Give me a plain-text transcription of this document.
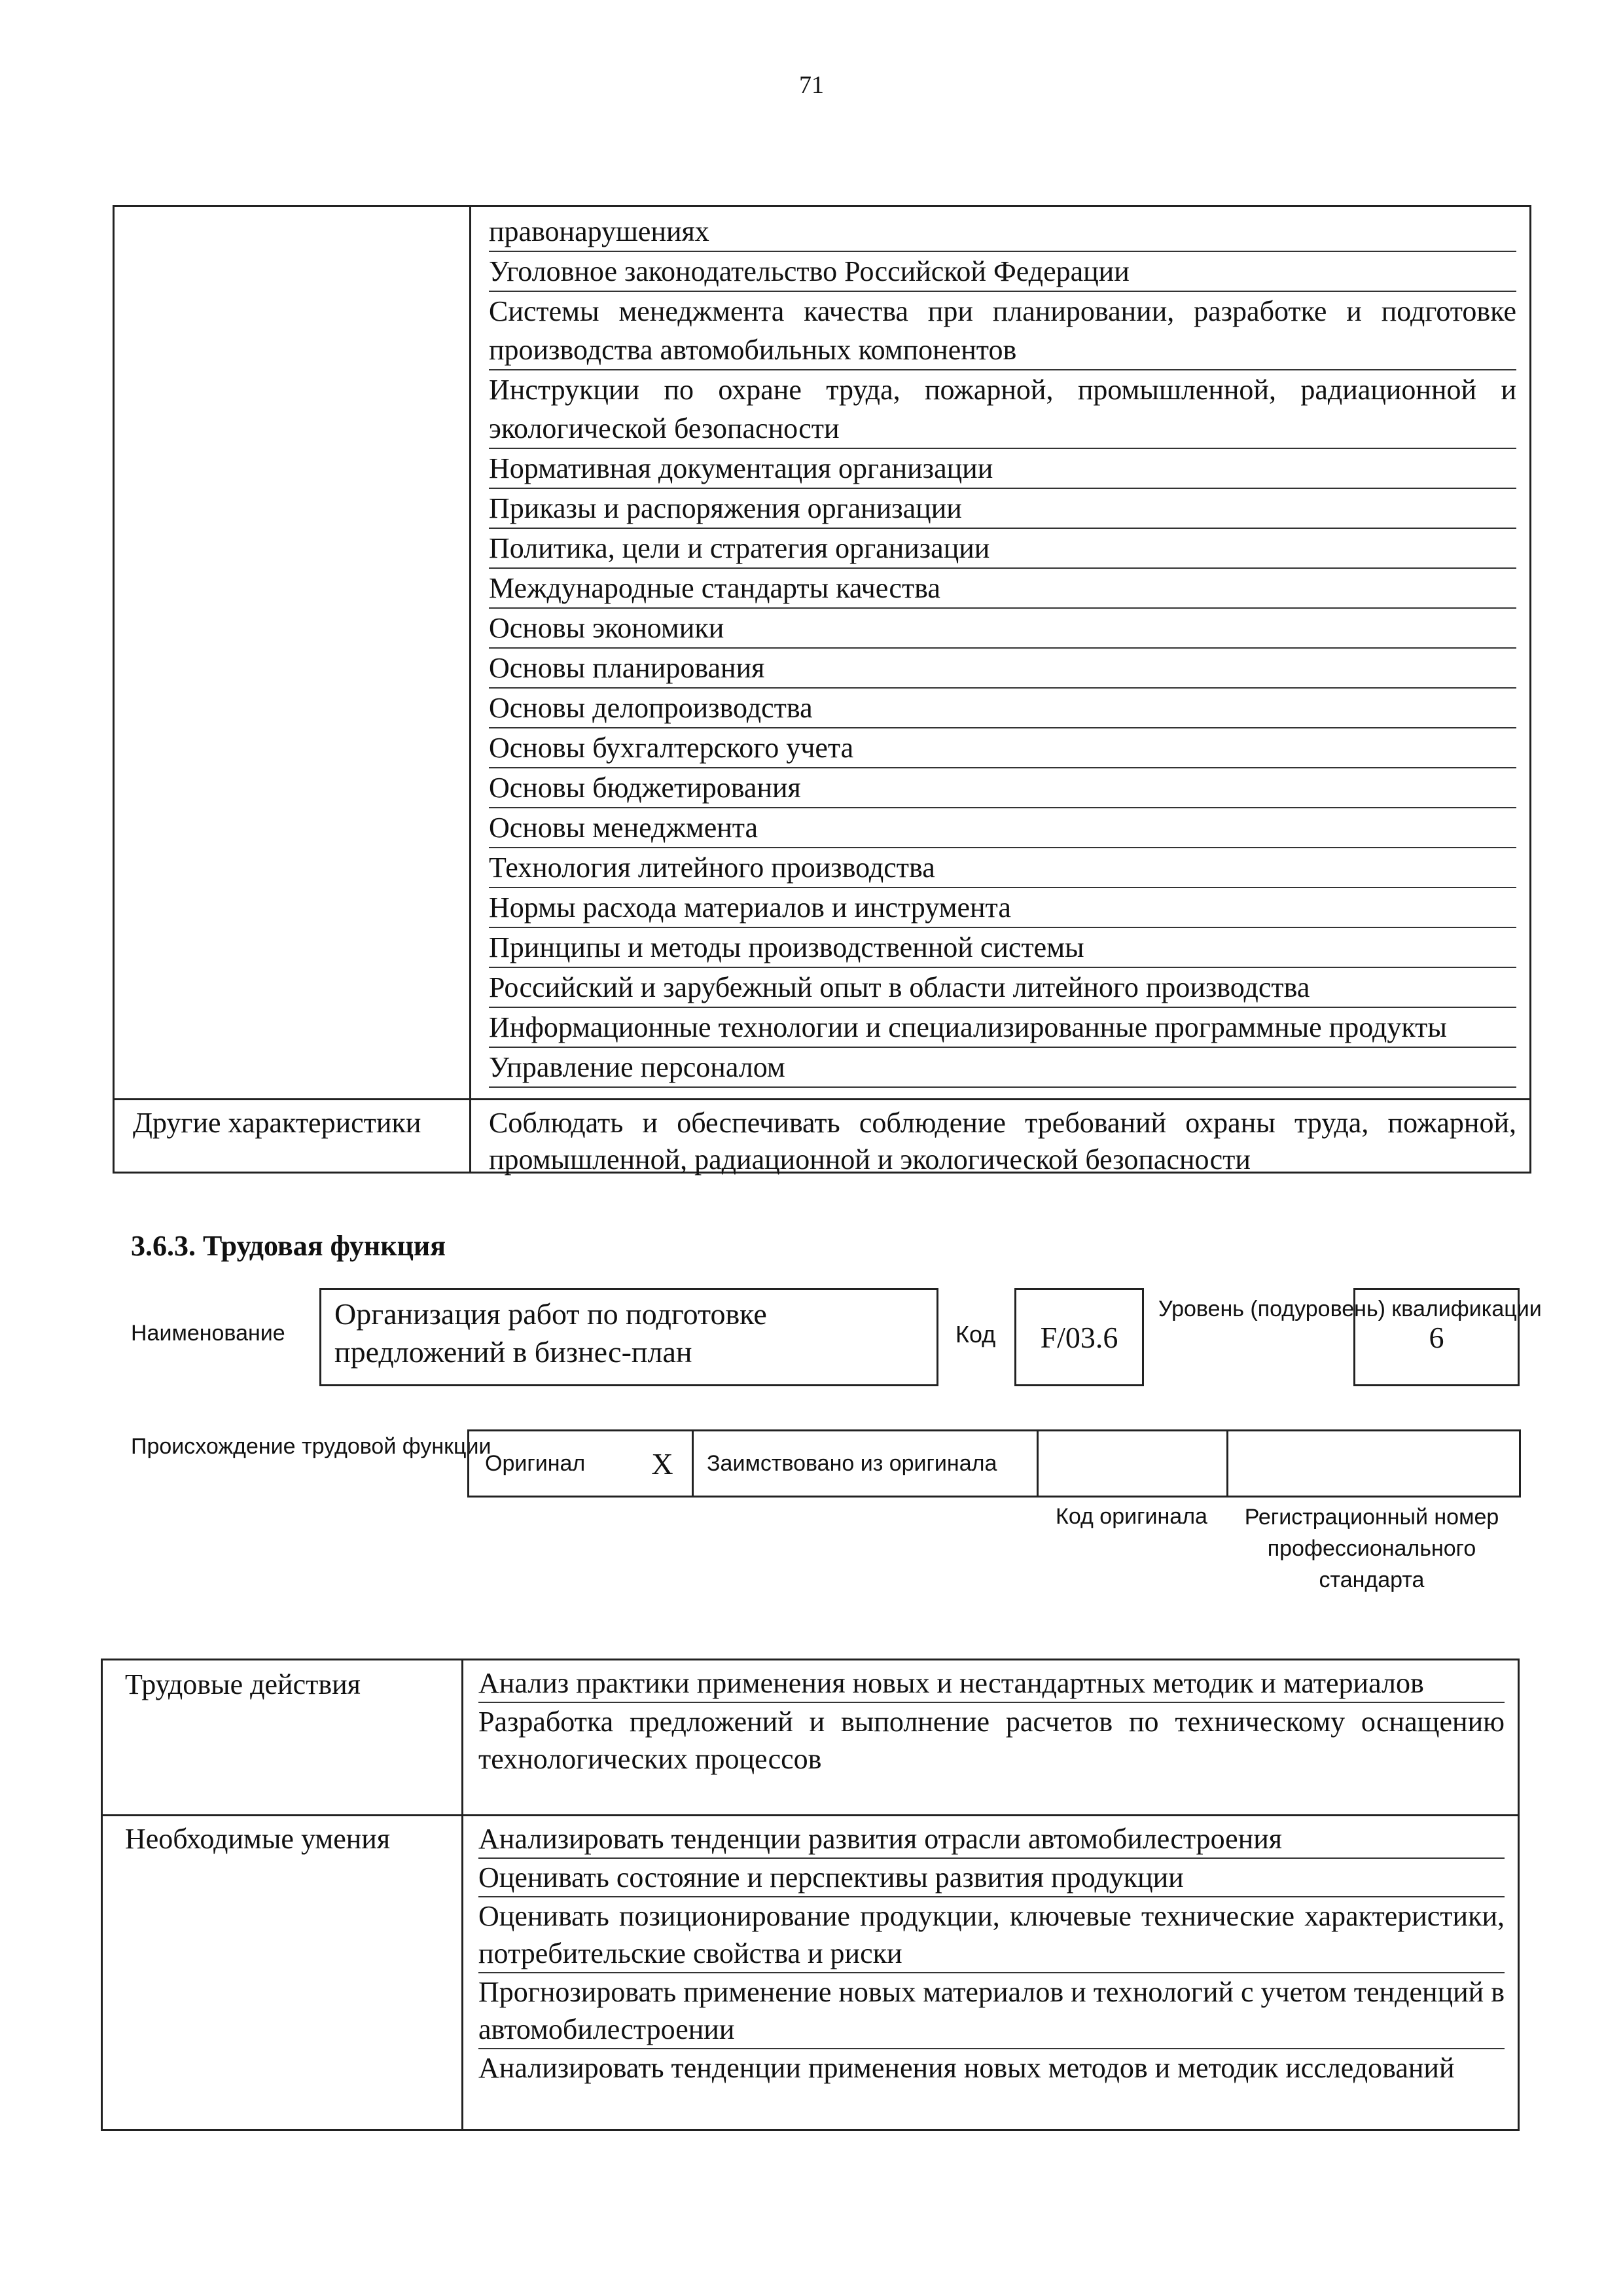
71
правонарушениях
Уголовное законодательство Российской Федерации
Системы менеджмента качества при планировании, разработке и подготовке производства автомобильных компонентов
Инструкции по охране труда, пожарной, промышленной, радиационной и экологической безопасности
Нормативная документация организации
Приказы и распоряжения организации
Политика, цели и стратегия организации
Международные стандарты качества
Основы экономики
Основы планирования
Основы делопроизводства
Основы бухгалтерского учета
Основы бюджетирования
Основы менеджмента
Технология литейного производства
Нормы расхода материалов и инструмента
Принципы и методы производственной системы
Российский и зарубежный опыт в области литейного производства
Информационные технологии и специализированные программные продукты
Управление персоналом
Другие характеристики	Соблюдать и обеспечивать соблюдение требований охраны труда, пожарной, промышленной, радиационной и экологической безопасности
3.6.3. Трудовая функция
Наименование
Организация работ по подготовке предложений в бизнес-план
Код	F/03.6
Уровень (подуровень) квалификации
6
Происхождение трудовой функции
Оригинал	X	Заимствовано из оригинала
Код оригинала	Регистрационный номер профессионального стандарта
Трудовые действия	Анализ практики применения новых и нестандартных методик и материалов
Разработка предложений и выполнение расчетов по техническому оснащению технологических процессов
Необходимые умения	Анализировать тенденции развития отрасли автомобилестроения
Оценивать состояние и перспективы развития продукции
Оценивать позиционирование продукции, ключевые технические характеристики, потребительские свойства и риски
Прогнозировать применение новых материалов и технологий с учетом тенденций в автомобилестроении
Анализировать тенденции применения новых методов и методик исследований
